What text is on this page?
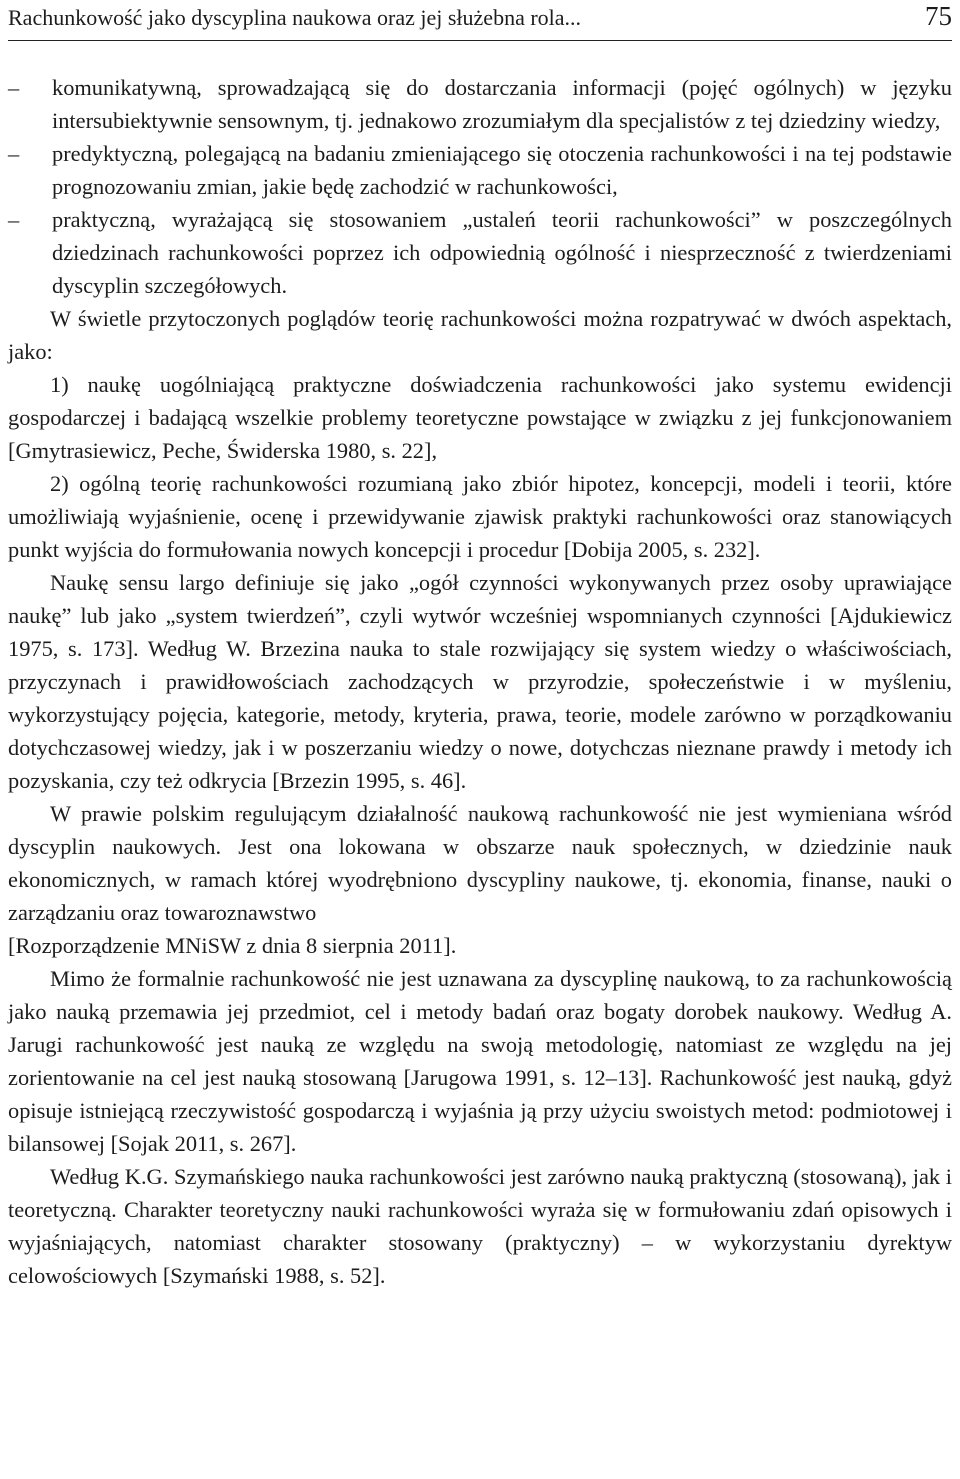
Rachunkowość jako dyscyplina naukowa oraz jej służebna rola...	75
–	komunikatywną, sprowadzającą się do dostarczania informacji (pojęć ogólnych) w języku intersubiektywnie sensownym, tj. jednakowo zrozumiałym dla specjalistów z tej dziedziny wiedzy,
–	predyktyczną, polegającą na badaniu zmieniającego się otoczenia rachunkowości i na tej podstawie prognozowaniu zmian, jakie będę zachodzić w rachunkowości,
–	praktyczną, wyrażającą się stosowaniem „ustaleń teorii rachunkowości” w poszczególnych dziedzinach rachunkowości poprzez ich odpowiednią ogólność i niesprzeczność z twierdzeniami dyscyplin szczegółowych.

W świetle przytoczonych poglądów teorię rachunkowości można rozpatrywać w dwóch aspektach, jako:

1) naukę uogólniającą praktyczne doświadczenia rachunkowości jako systemu ewidencji gospodarczej i badającą wszelkie problemy teoretyczne powstające w związku z jej funkcjonowaniem [Gmytrasiewicz, Peche, Świderska 1980, s. 22],

2) ogólną teorię rachunkowości rozumianą jako zbiór hipotez, koncepcji, modeli i teorii, które umożliwiają wyjaśnienie, ocenę i przewidywanie zjawisk praktyki rachunkowości oraz stanowiących punkt wyjścia do formułowania nowych koncepcji i procedur [Dobija 2005, s. 232].

Naukę sensu largo definiuje się jako „ogół czynności wykonywanych przez osoby uprawiające naukę” lub jako „system twierdzeń”, czyli wytwór wcześniej wspomnianych czynności [Ajdukiewicz 1975, s. 173]. Według W. Brzezina nauka to stale rozwijający się system wiedzy o właściwościach, przyczynach i prawidłowościach zachodzących w przyrodzie, społeczeństwie i w myśleniu, wykorzystujący pojęcia, kategorie, metody, kryteria, prawa, teorie, modele zarówno w porządkowaniu dotychczasowej wiedzy, jak i w poszerzaniu wiedzy o nowe, dotychczas nieznane prawdy i metody ich pozyskania, czy też odkrycia [Brzezin 1995, s. 46].

W prawie polskim regulującym działalność naukową rachunkowość nie jest wymieniana wśród dyscyplin naukowych. Jest ona lokowana w obszarze nauk społecznych, w dziedzinie nauk ekonomicznych, w ramach której wyodrębniono dyscypliny naukowe, tj. ekonomia, finanse, nauki o zarządzaniu oraz towaroznawstwo

[Rozporządzenie MNiSW z dnia 8 sierpnia 2011].

Mimo że formalnie rachunkowość nie jest uznawana za dyscyplinę naukową, to za rachunkowością jako nauką przemawia jej przedmiot, cel i metody badań oraz bogaty dorobek naukowy. Według A. Jarugi rachunkowość jest nauką ze względu na swoją metodologię, natomiast ze względu na jej zorientowanie na cel jest nauką stosowaną [Jarugowa 1991, s. 12–13]. Rachunkowość jest nauką, gdyż opisuje istniejącą rzeczywistość gospodarczą i wyjaśnia ją przy użyciu swoistych metod: podmiotowej i bilansowej [Sojak 2011, s. 267].

Według K.G. Szymańskiego nauka rachunkowości jest zarówno nauką praktyczną (stosowaną), jak i teoretyczną. Charakter teoretyczny nauki rachunkowości wyraża się w formułowaniu zdań opisowych i wyjaśniających, natomiast charakter stosowany (praktyczny) – w wykorzystaniu dyrektyw celowościowych [Szymański 1988, s. 52].
